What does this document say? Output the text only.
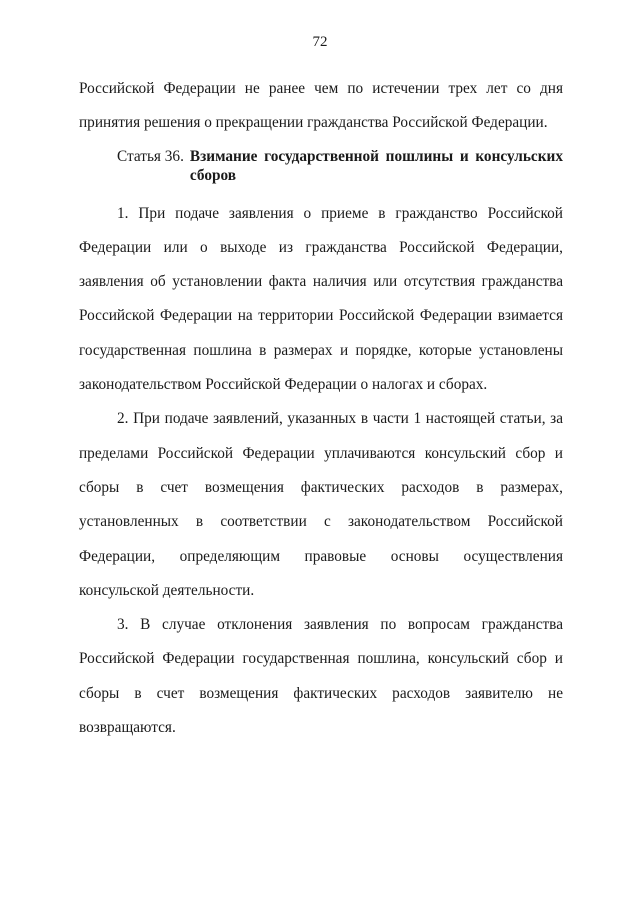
72

Российской Федерации не ранее чем по истечении трех лет со дня

принятия решения о прекращении гражданства Российской Федерации.

Статья 36. Взимание государственной пошлины и консульских сборов

1. При подаче заявления о приеме в гражданство Российской Федерации или о выходе из гражданства Российской Федерации, заявления об установлении факта наличия или отсутствия гражданства Российской Федерации на территории Российской Федерации взимается государственная пошлина в размерах и порядке, которые установлены законодательством Российской Федерации о налогах и сборах.

2. При подаче заявлений, указанных в части 1 настоящей статьи, за пределами Российской Федерации уплачиваются консульский сбор и сборы в счет возмещения фактических расходов в размерах, установленных в соответствии с законодательством Российской Федерации, определяющим правовые основы осуществления консульской деятельности.

3. В случае отклонения заявления по вопросам гражданства Российской Федерации государственная пошлина, консульский сбор и сборы в счет возмещения фактических расходов заявителю не возвращаются.
